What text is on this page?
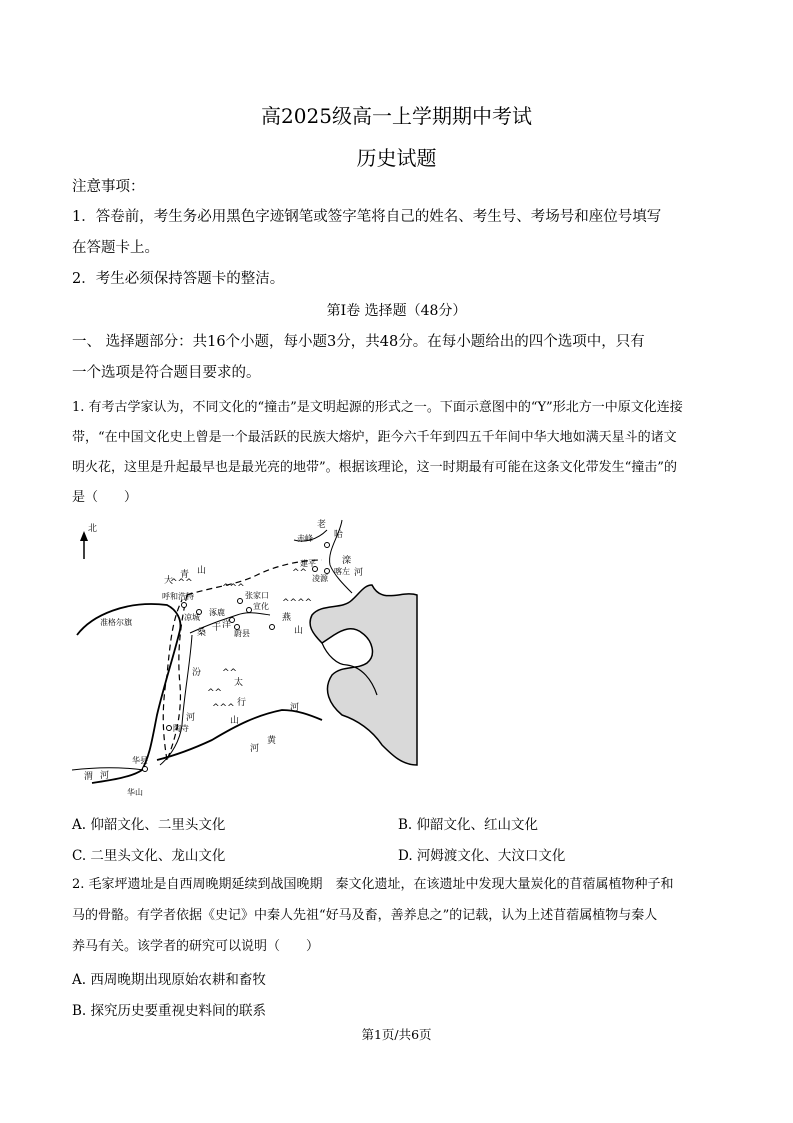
高2025级高一上学期期中考试
历史试题
注意事项：
1．答卷前，考生务必用黑色字迹钢笔或签字笔将自己的姓名、考生号、考场号和座位号填写
在答题卡上。
2．考生必须保持答题卡的整洁。
第Ⅰ卷 选择题（48分）
一、 选择题部分：共16个小题，每小题3分，共48分。在每小题给出的四个选项中，只有
一个选项是符合题目要求的。
1. 有考古学家认为，不同文化的“撞击”是文明起源的形式之一。下面示意图中的“Y”形北方一中原文化连接
带，“在中国文化史上曾是一个最活跃的民族大熔炉，距今六千年到四五千年间中华大地如满天星斗的诸文
明火花，这里是升起最早也是最光亮的地带”。根据该理论，这一时期最有可能在这条文化带发生“撞击”的
是（　　）
北
^^^	^^^
^^^^
^^
^^^
^^
^^
赤峰
建平
喀左
凌源
呼和浩特
凉城
张家口
宣化
涿鹿
蔚县
准格尔旗
陶寺
华县
华山
大
青 山
滦
河
老
哈
燕
山
桑 干 洋
汾
太
行
山
河
河
黄
河
渭 河
A. 仰韶文化、二里头文化	B. 仰韶文化、红山文化
C. 二里头文化、龙山文化	D. 河姆渡文化、大汶口文化
2. 毛家坪遗址是自西周晚期延续到战国晚期　秦文化遗址，在该遗址中发现大量炭化的苜蓿属植物种子和
马的骨骼。有学者依据《史记》中秦人先祖“好马及畜，善养息之”的记载，认为上述苜蓿属植物与秦人
养马有关。该学者的研究可以说明（　　）
A. 西周晚期出现原始农耕和畜牧
B. 探究历史要重视史料间的联系
第1页/共6页
